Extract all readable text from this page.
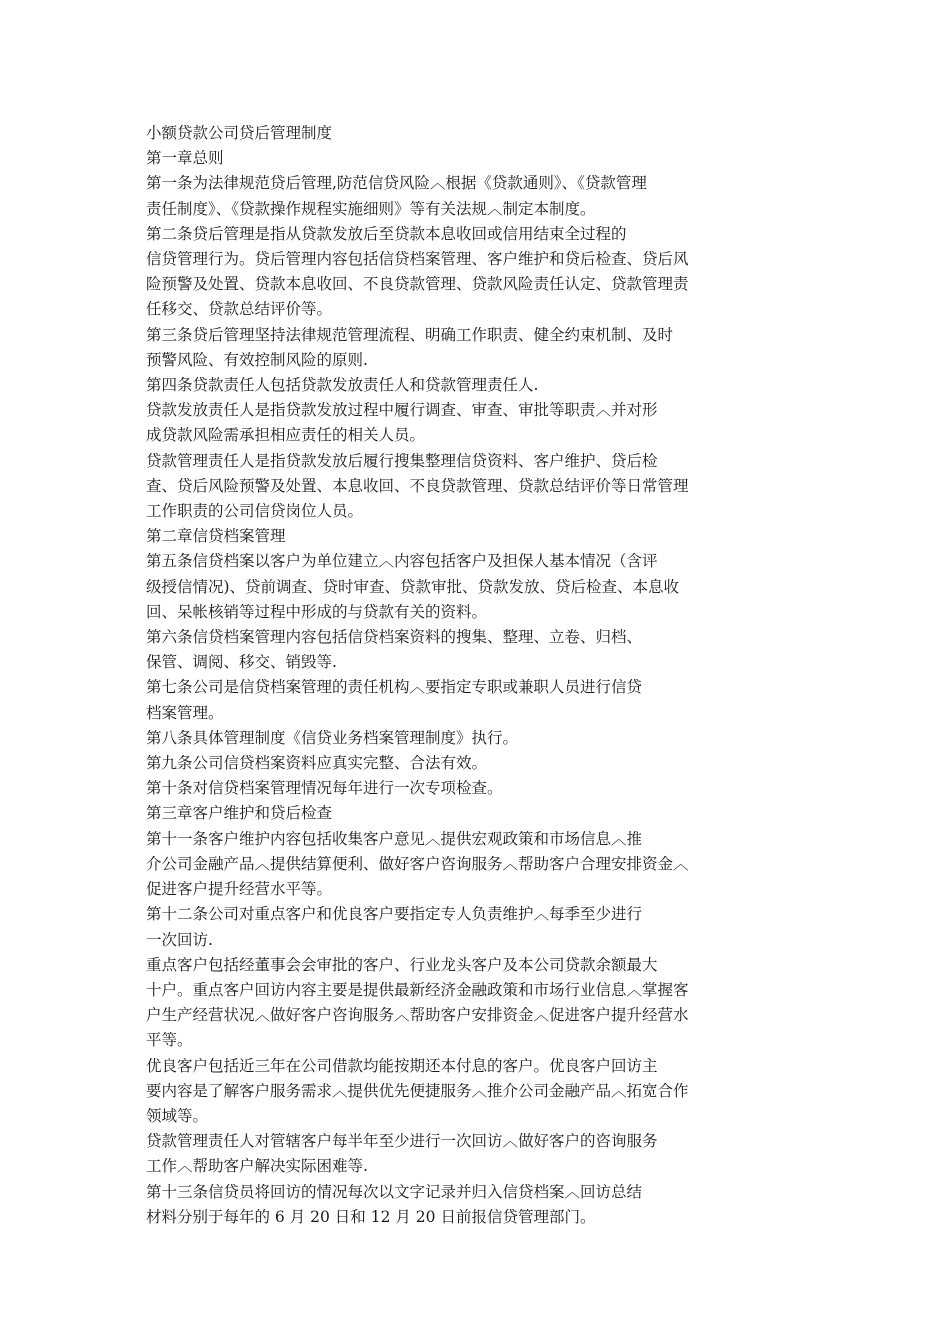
小额贷款公司贷后管理制度
第一章总则
第一条为法律规范贷后管理,防范信贷风险︿根据《贷款通则》、《贷款管理
责任制度》、《贷款操作规程实施细则》等有关法规︿制定本制度。
第二条贷后管理是指从贷款发放后至贷款本息收回或信用结束全过程的
信贷管理行为。贷后管理内容包括信贷档案管理、客户维护和贷后检查、贷后风
险预警及处置、贷款本息收回、不良贷款管理、贷款风险责任认定、贷款管理责
任移交、贷款总结评价等。
第三条贷后管理坚持法律规范管理流程、明确工作职责、健全约束机制、及时
预警风险、有效控制风险的原则.
第四条贷款责任人包括贷款发放责任人和贷款管理责任人.
贷款发放责任人是指贷款发放过程中履行调查、审查、审批等职责︿并对形
成贷款风险需承担相应责任的相关人员。
贷款管理责任人是指贷款发放后履行搜集整理信贷资料、客户维护、贷后检
查、贷后风险预警及处置、本息收回、不良贷款管理、贷款总结评价等日常管理
工作职责的公司信贷岗位人员。
第二章信贷档案管理
第五条信贷档案以客户为单位建立︿内容包括客户及担保人基本情况（含评
级授信情况)、贷前调查、贷时审查、贷款审批、贷款发放、贷后检查、本息收
回、呆帐核销等过程中形成的与贷款有关的资料。
第六条信贷档案管理内容包括信贷档案资料的搜集、整理、立卷、归档、
保管、调阅、移交、销毁等.
第七条公司是信贷档案管理的责任机构︿要指定专职或兼职人员进行信贷
档案管理。
第八条具体管理制度《信贷业务档案管理制度》执行。
第九条公司信贷档案资料应真实完整、合法有效。
第十条对信贷档案管理情况每年进行一次专项检查。
第三章客户维护和贷后检查
第十一条客户维护内容包括收集客户意见︿提供宏观政策和市场信息︿推
介公司金融产品︿提供结算便利、做好客户咨询服务︿帮助客户合理安排资金︿
促进客户提升经营水平等。
第十二条公司对重点客户和优良客户要指定专人负责维护︿每季至少进行
一次回访.
重点客户包括经董事会会审批的客户、行业龙头客户及本公司贷款余额最大
十户。重点客户回访内容主要是提供最新经济金融政策和市场行业信息︿掌握客
户生产经营状况︿做好客户咨询服务︿帮助客户安排资金︿促进客户提升经营水
平等。
优良客户包括近三年在公司借款均能按期还本付息的客户。优良客户回访主
要内容是了解客户服务需求︿提供优先便捷服务︿推介公司金融产品︿拓宽合作
领域等。
贷款管理责任人对管辖客户每半年至少进行一次回访︿做好客户的咨询服务
工作︿帮助客户解决实际困难等.
第十三条信贷员将回访的情况每次以文字记录并归入信贷档案︿回访总结
材料分别于每年的 6 月 20 日和 12 月 20 日前报信贷管理部门。
